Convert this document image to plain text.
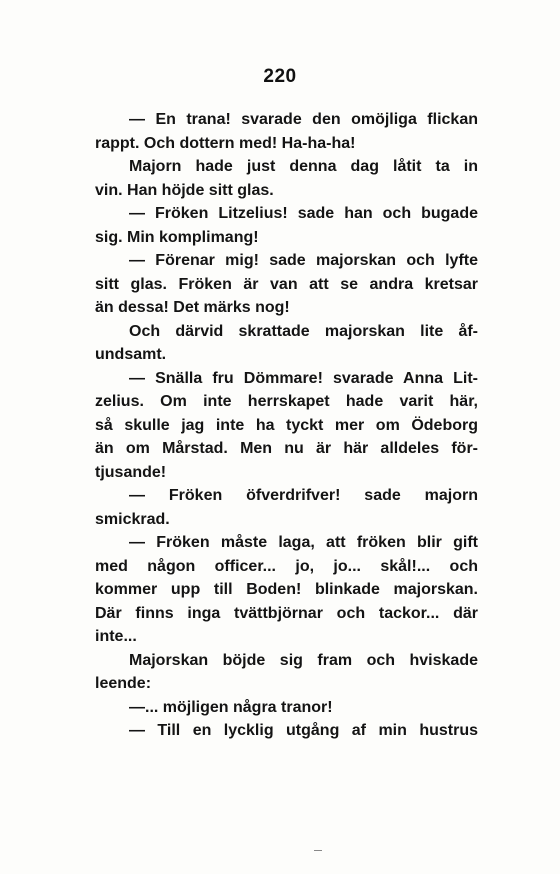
220
— En trana! svarade den omöjliga flickan
rappt. Och dottern med! Ha-ha-ha!
Majorn hade just denna dag låtit ta in
vin. Han höjde sitt glas.
— Fröken Litzelius! sade han och bugade
sig. Min komplimang!
— Förenar mig! sade majorskan och lyfte
sitt glas. Fröken är van att se andra kretsar
än dessa! Det märks nog!
Och därvid skrattade majorskan lite åf-
undsamt.
— Snälla fru Dömmare! svarade Anna Lit-
zelius. Om inte herrskapet hade varit här,
så skulle jag inte ha tyckt mer om Ödeborg
än om Mårstad. Men nu är här alldeles för-
tjusande!
— Fröken öfverdrifver! sade majorn
smickrad.
— Fröken måste laga, att fröken blir gift
med någon officer... jo, jo... skål!... och
kommer upp till Boden! blinkade majorskan.
Där finns inga tvättbjörnar och tackor... där
inte...
Majorskan böjde sig fram och hviskade
leende:
—... möjligen några tranor!
— Till en lycklig utgång af min hustrus
